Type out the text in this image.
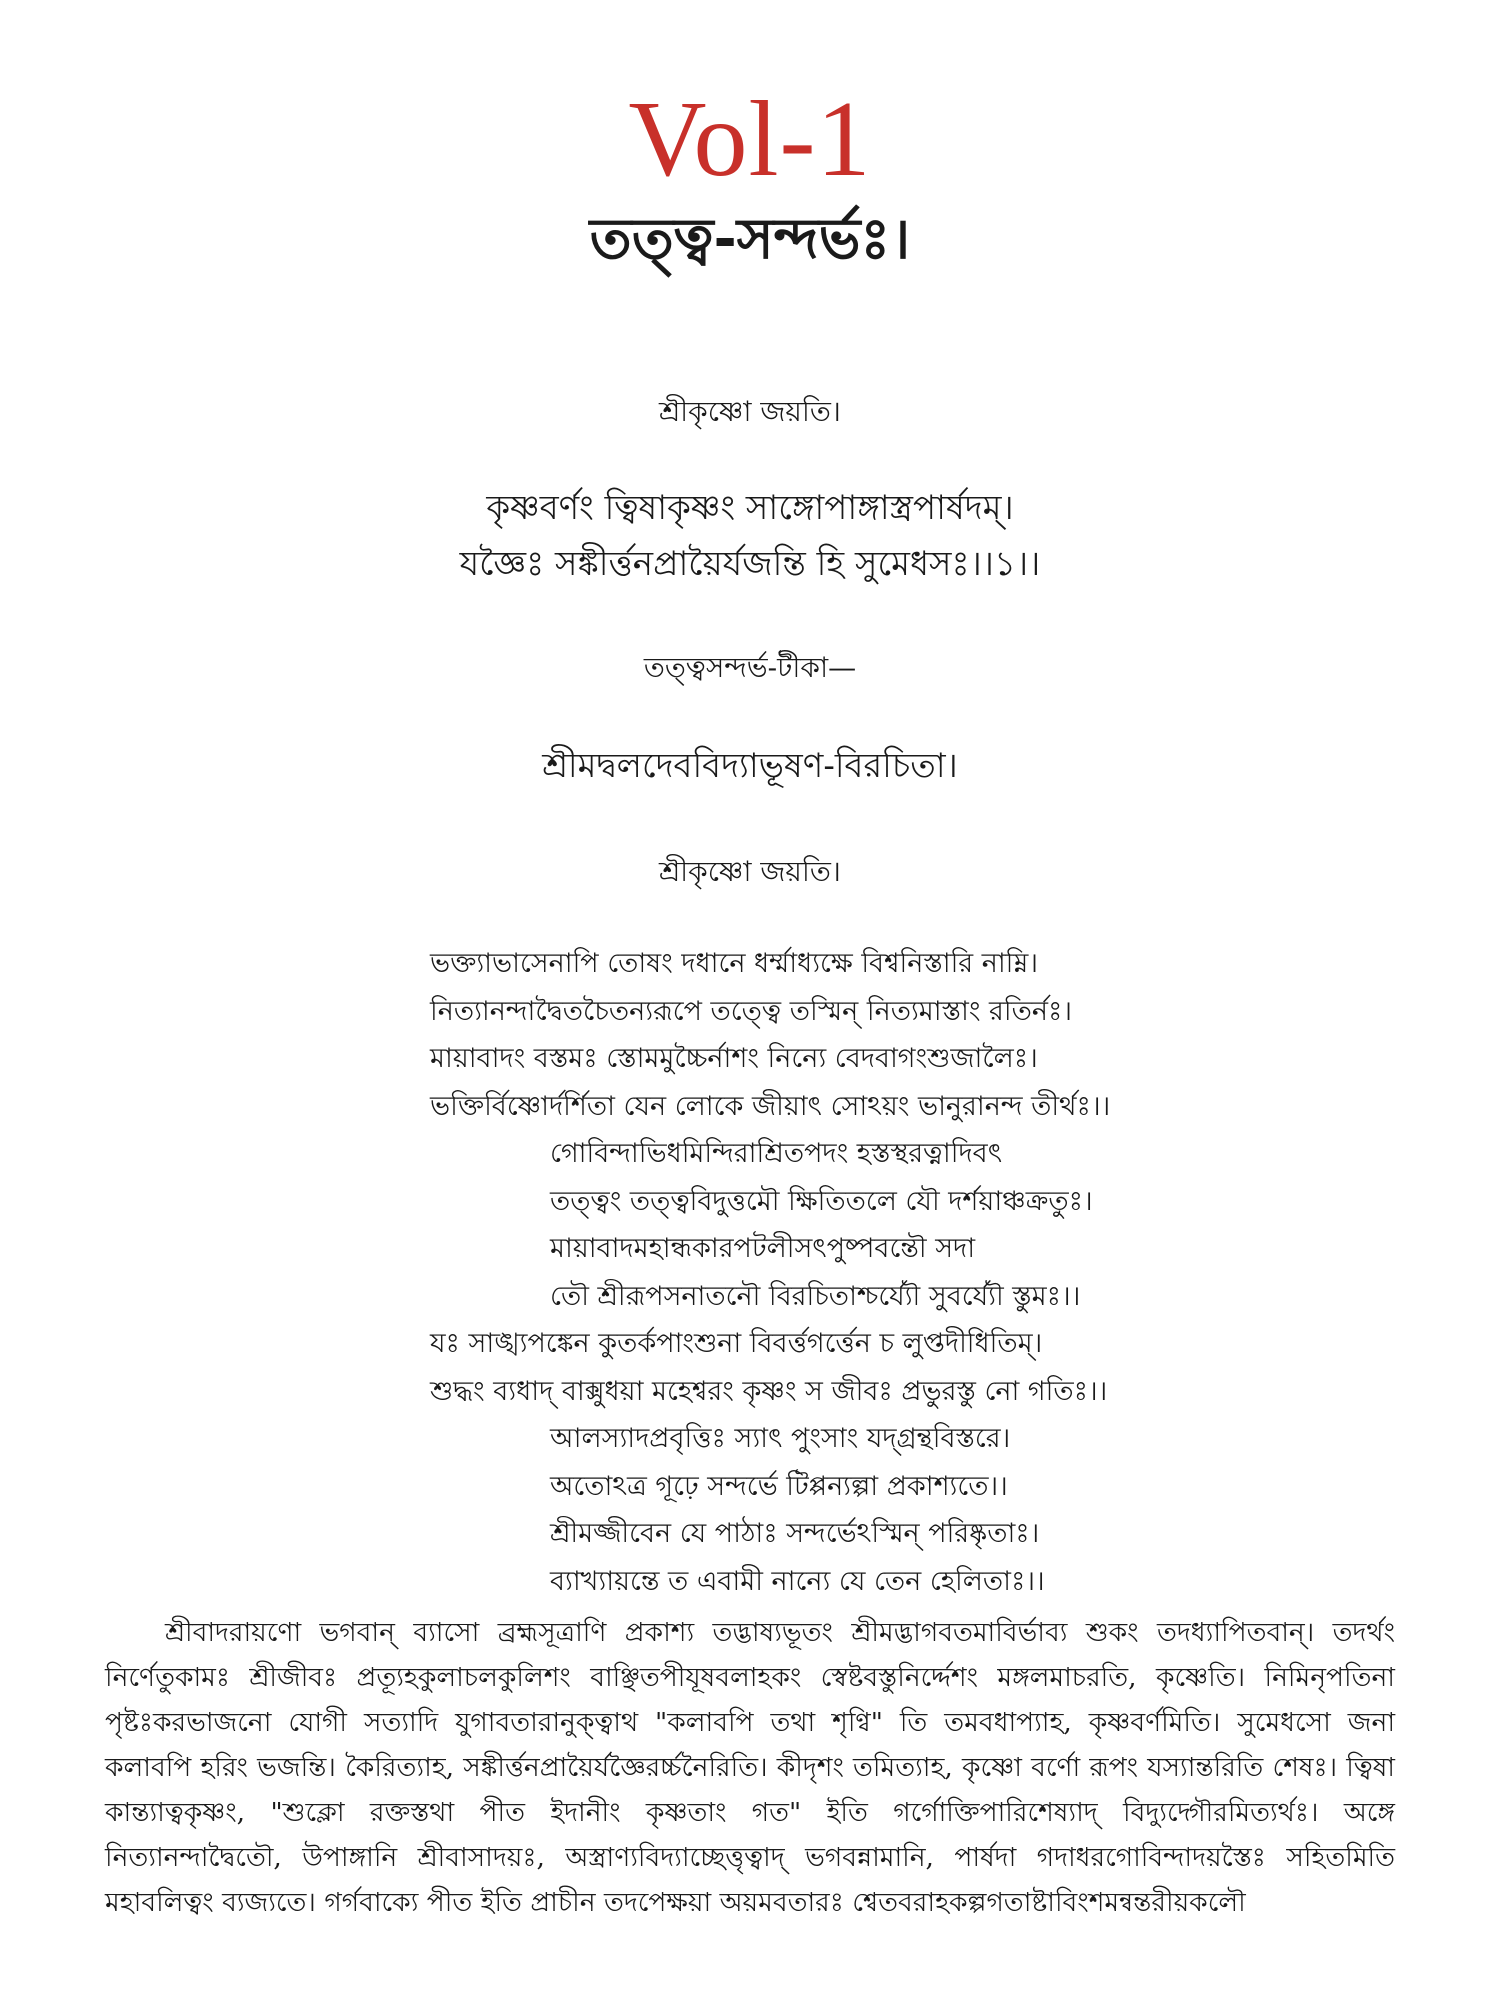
Vol-1
তত্ত্ব-সন্দর্ভঃ।
শ্রীকৃষ্ণো জয়তি।
কৃষ্ণবর্ণং ত্বিষাকৃষ্ণং সাঙ্গোপাঙ্গাস্ত্রপার্ষদম্।
যজ্ঞৈঃ সঙ্কীর্ত্তনপ্রায়ৈর্যজন্তি হি সুমেধসঃ।।১।।
তত্ত্বসন্দর্ভ-টীকা—
শ্রীমদ্বলদেববিদ্যাভূষণ-বিরচিতা।
শ্রীকৃষ্ণো জয়তি।
ভক্ত্যাভাসেনাপি তোষং দধানে ধর্ম্মাধ্যক্ষে বিশ্বনিস্তারি নাম্নি।
নিত্যানন্দাদ্বৈতচৈতন্যরূপে তত্ত্বে তস্মিন্ নিত্যমাস্তাং রতির্নঃ।
মায়াবাদং বস্তমঃ স্তোমমুচ্চৈর্নাশং নিন্যে বেদবাগংশুজালৈঃ।
ভক্তির্বিষ্ণোর্দর্শিতা যেন লোকে জীয়াৎ সোঽয়ং ভানুরানন্দ তীর্থঃ।।
গোবিন্দাভিধমিন্দিরাশ্রিতপদং হস্তস্থরত্নাদিবৎ
তত্ত্বং তত্ত্ববিদুত্তমৌ ক্ষিতিতলে যৌ দর্শয়াঞ্চক্রতুঃ।
মায়াবাদমহান্ধকারপটলীসৎপুষ্পবন্তৌ সদা
তৌ শ্রীরূপসনাতনৌ বিরচিতাশ্চর্য্যৌ সুবর্য্যৌ স্তুমঃ।।
যঃ সাঙ্খ্যপঙ্কেন কুতর্কপাংশুনা বিবর্ত্তগর্ত্তেন চ লুপ্তদীধিতিম্।
শুদ্ধং ব্যধাদ্ বাক্সুধয়া মহেশ্বরং কৃষ্ণং স জীবঃ প্রভুরস্তু নো গতিঃ।।
আলস্যাদপ্রবৃত্তিঃ স্যাৎ পুংসাং যদ্গ্রন্থবিস্তরে।
অতোঽত্র গূঢ়ে সন্দর্ভে টিপ্পন্যল্পা প্রকাশ্যতে।।
শ্রীমজ্জীবেন যে পাঠাঃ সন্দর্ভেঽস্মিন্ পরিষ্কৃতাঃ।
ব্যাখ্যায়ন্তে ত এবামী নান্যে যে তেন হেলিতাঃ।।
শ্রীবাদরায়ণো ভগবান্ ব্যাসো ব্রহ্মসূত্রাণি প্রকাশ্য তদ্ভাষ্যভূতং শ্রীমদ্ভাগবতমাবির্ভাব্য শুকং তদধ্যাপিতবান্। তদর্থং নির্ণেতুকামঃ শ্রীজীবঃ প্রত্যূহকুলাচলকুলিশং বাঞ্ছিতপীযূষবলাহকং স্বেষ্টবস্তুনির্দ্দেশং মঙ্গলমাচরতি, কৃষ্ণেতি। নিমিনৃপতিনা পৃষ্টঃকরভাজনো যোগী সত্যাদি যুগাবতারানুক্ত্বাথ "কলাবপি তথা শৃণ্বি" তি তমবধাপ্যাহ, কৃষ্ণবর্ণমিতি। সুমেধসো জনা কলাবপি হরিং ভজন্তি। কৈরিত্যাহ, সঙ্কীর্ত্তনপ্রায়ৈর্যজ্ঞৈরর্চ্চনৈরিতি। কীদৃশং তমিত্যাহ, কৃষ্ণো বর্ণো রূপং যস্যান্তরিতি শেষঃ। ত্বিষা কান্ত্যাত্বকৃষ্ণং, "শুক্লো রক্তস্তথা পীত ইদানীং কৃষ্ণতাং গত" ইতি গর্গোক্তিপারিশেষ্যাদ্ বিদ্যুদ্গৌরমিত্যর্থঃ। অঙ্গে নিত্যানন্দাদ্বৈতৌ, উপাঙ্গানি শ্রীবাসাদয়ঃ, অস্ত্রাণ্যবিদ্যাচ্ছেত্তৃত্বাদ্ ভগবন্নামানি, পার্ষদা গদাধরগোবিন্দাদয়স্তৈঃ সহিতমিতি মহাবলিত্বং ব্যজ্যতে। গর্গবাক্যে পীত ইতি প্রাচীন তদপেক্ষয়া অয়মবতারঃ শ্বেতবরাহকল্পগতাষ্টাবিংশমন্বন্তরীয়কলৌ
